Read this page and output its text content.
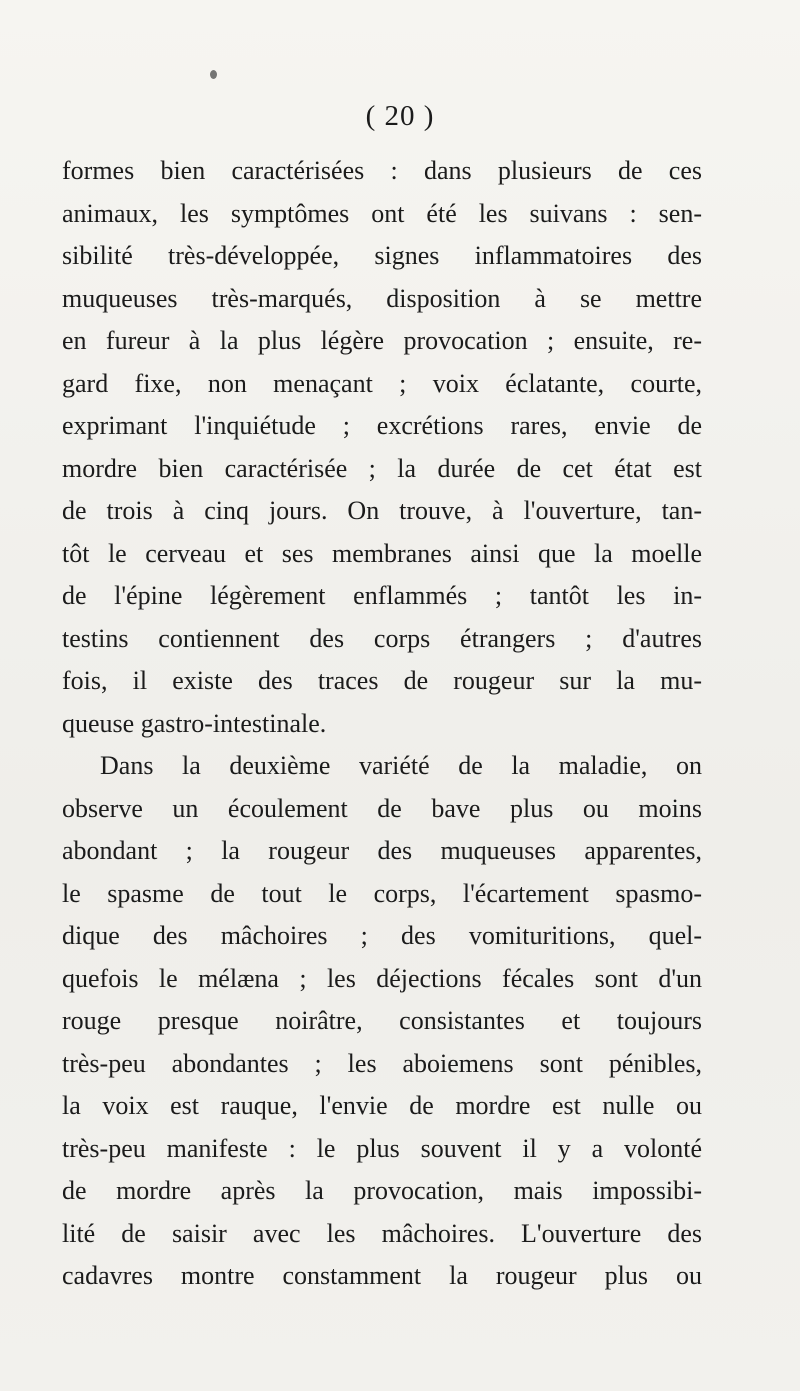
( 20 )
formes bien caractérisées : dans plusieurs de ces
animaux, les symptômes ont été les suivans : sen-
sibilité très-développée, signes inflammatoires des
muqueuses très-marqués, disposition à se mettre
en fureur à la plus légère provocation ; ensuite, re-
gard fixe, non menaçant ; voix éclatante, courte,
exprimant l'inquiétude ; excrétions rares, envie de
mordre bien caractérisée ; la durée de cet état est
de trois à cinq jours. On trouve, à l'ouverture, tan-
tôt le cerveau et ses membranes ainsi que la moelle
de l'épine légèrement enflammés ; tantôt les in-
testins contiennent des corps étrangers ; d'autres
fois, il existe des traces de rougeur sur la mu-
queuse gastro-intestinale.
Dans la deuxième variété de la maladie, on
observe un écoulement de bave plus ou moins
abondant ; la rougeur des muqueuses apparentes,
le spasme de tout le corps, l'écartement spasmo-
dique des mâchoires ; des vomituritions, quel-
quefois le mélæna ; les déjections fécales sont d'un
rouge presque noirâtre, consistantes et toujours
très-peu abondantes ; les aboiemens sont pénibles,
la voix est rauque, l'envie de mordre est nulle ou
très-peu manifeste : le plus souvent il y a volonté
de mordre après la provocation, mais impossibi-
lité de saisir avec les mâchoires. L'ouverture des
cadavres montre constamment la rougeur plus ou
